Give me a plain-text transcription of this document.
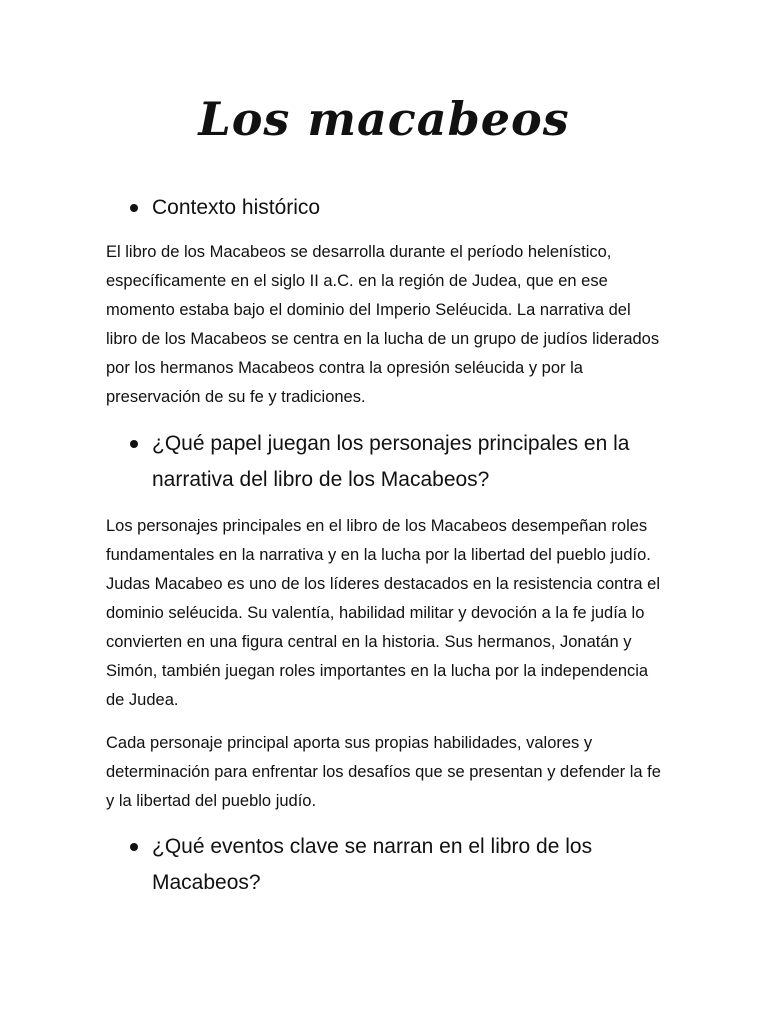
Los macabeos
Contexto histórico

El libro de los Macabeos se desarrolla durante el período helenístico, específicamente en el siglo II a.C. en la región de Judea, que en ese momento estaba bajo el dominio del Imperio Seléucida. La narrativa del libro de los Macabeos se centra en la lucha de un grupo de judíos liderados por los hermanos Macabeos contra la opresión seléucida y por la preservación de su fe y tradiciones.

¿Qué papel juegan los personajes principales en la narrativa del libro de los Macabeos?

Los personajes principales en el libro de los Macabeos desempeñan roles fundamentales en la narrativa y en la lucha por la libertad del pueblo judío. Judas Macabeo es uno de los líderes destacados en la resistencia contra el dominio seléucida. Su valentía, habilidad militar y devoción a la fe judía lo convierten en una figura central en la historia. Sus hermanos, Jonatán y Simón, también juegan roles importantes en la lucha por la independencia de Judea.

Cada personaje principal aporta sus propias habilidades, valores y determinación para enfrentar los desafíos que se presentan y defender la fe y la libertad del pueblo judío.

¿Qué eventos clave se narran en el libro de los Macabeos?
